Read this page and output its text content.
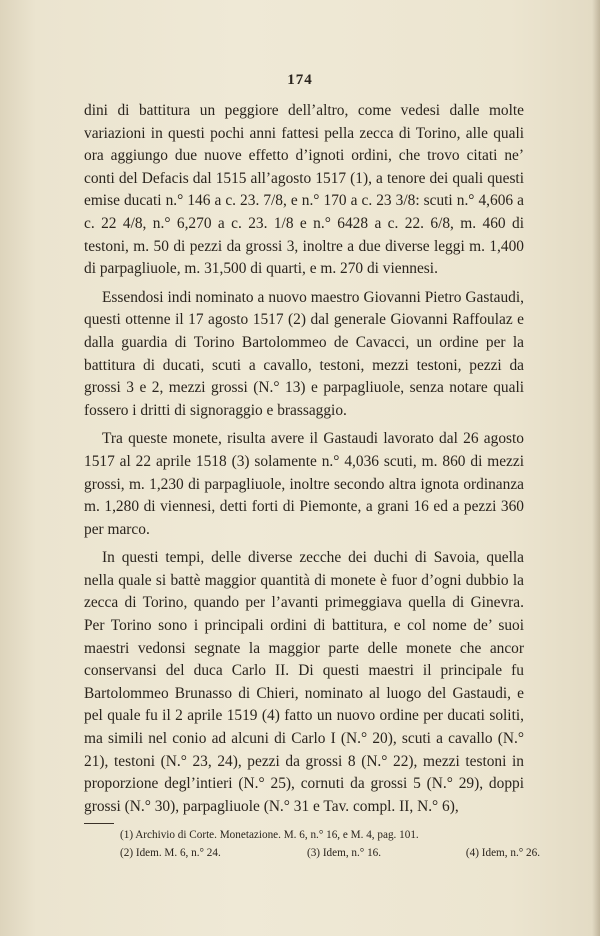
174

dini di battitura un peggiore dell’altro, come vedesi dalle molte variazioni in questi pochi anni fattesi pella zecca di Torino, alle quali ora aggiungo due nuove effetto d’ignoti ordini, che trovo citati ne’ conti del Defacis dal 1515 all’agosto 1517 (1), a tenore dei quali questi emise ducati n.° 146 a c. 23. 7/8, e n.° 170 a c. 23 3/8: scuti n.° 4,606 a c. 22 4/8, n.° 6,270 a c. 23. 1/8 e n.° 6428 a c. 22. 6/8, m. 460 di testoni, m. 50 di pezzi da grossi 3, inoltre a due diverse leggi m. 1,400 di parpagliuole, m. 31,500 di quarti, e m. 270 di viennesi.

Essendosi indi nominato a nuovo maestro Giovanni Pietro Gastaudi, questi ottenne il 17 agosto 1517 (2) dal generale Giovanni Raffoulaz e dalla guardia di Torino Bartolommeo de Cavacci, un ordine per la battitura di ducati, scuti a cavallo, testoni, mezzi testoni, pezzi da grossi 3 e 2, mezzi grossi (N.° 13) e parpagliuole, senza notare quali fossero i dritti di signoraggio e brassaggio.

Tra queste monete, risulta avere il Gastaudi lavorato dal 26 agosto 1517 al 22 aprile 1518 (3) solamente n.° 4,036 scuti, m. 860 di mezzi grossi, m. 1,230 di parpagliuole, inoltre secondo altra ignota ordinanza m. 1,280 di viennesi, detti forti di Piemonte, a grani 16 ed a pezzi 360 per marco.

In questi tempi, delle diverse zecche dei duchi di Savoia, quella nella quale si battè maggior quantità di monete è fuor d’ogni dubbio la zecca di Torino, quando per l’avanti primeggiava quella di Ginevra. Per Torino sono i principali ordini di battitura, e col nome de’ suoi maestri vedonsi segnate la maggior parte delle monete che ancor conservansi del duca Carlo II. Di questi maestri il principale fu Bartolommeo Brunasso di Chieri, nominato al luogo del Gastaudi, e pel quale fu il 2 aprile 1519 (4) fatto un nuovo ordine per ducati soliti, ma simili nel conio ad alcuni di Carlo I (N.° 20), scuti a cavallo (N.° 21), testoni (N.° 23, 24), pezzi da grossi 8 (N.° 22), mezzi testoni in proporzione degl’intieri (N.° 25), cornuti da grossi 5 (N.° 29), doppi grossi (N.° 30), parpagliuole (N.° 31 e Tav. compl. II, N.° 6),

(1) Archivio di Corte. Monetazione. M. 6, n.° 16, e M. 4, pag. 101.
(2) Idem. M. 6, n.° 24.	(3) Idem, n.° 16.	(4) Idem, n.° 26.
